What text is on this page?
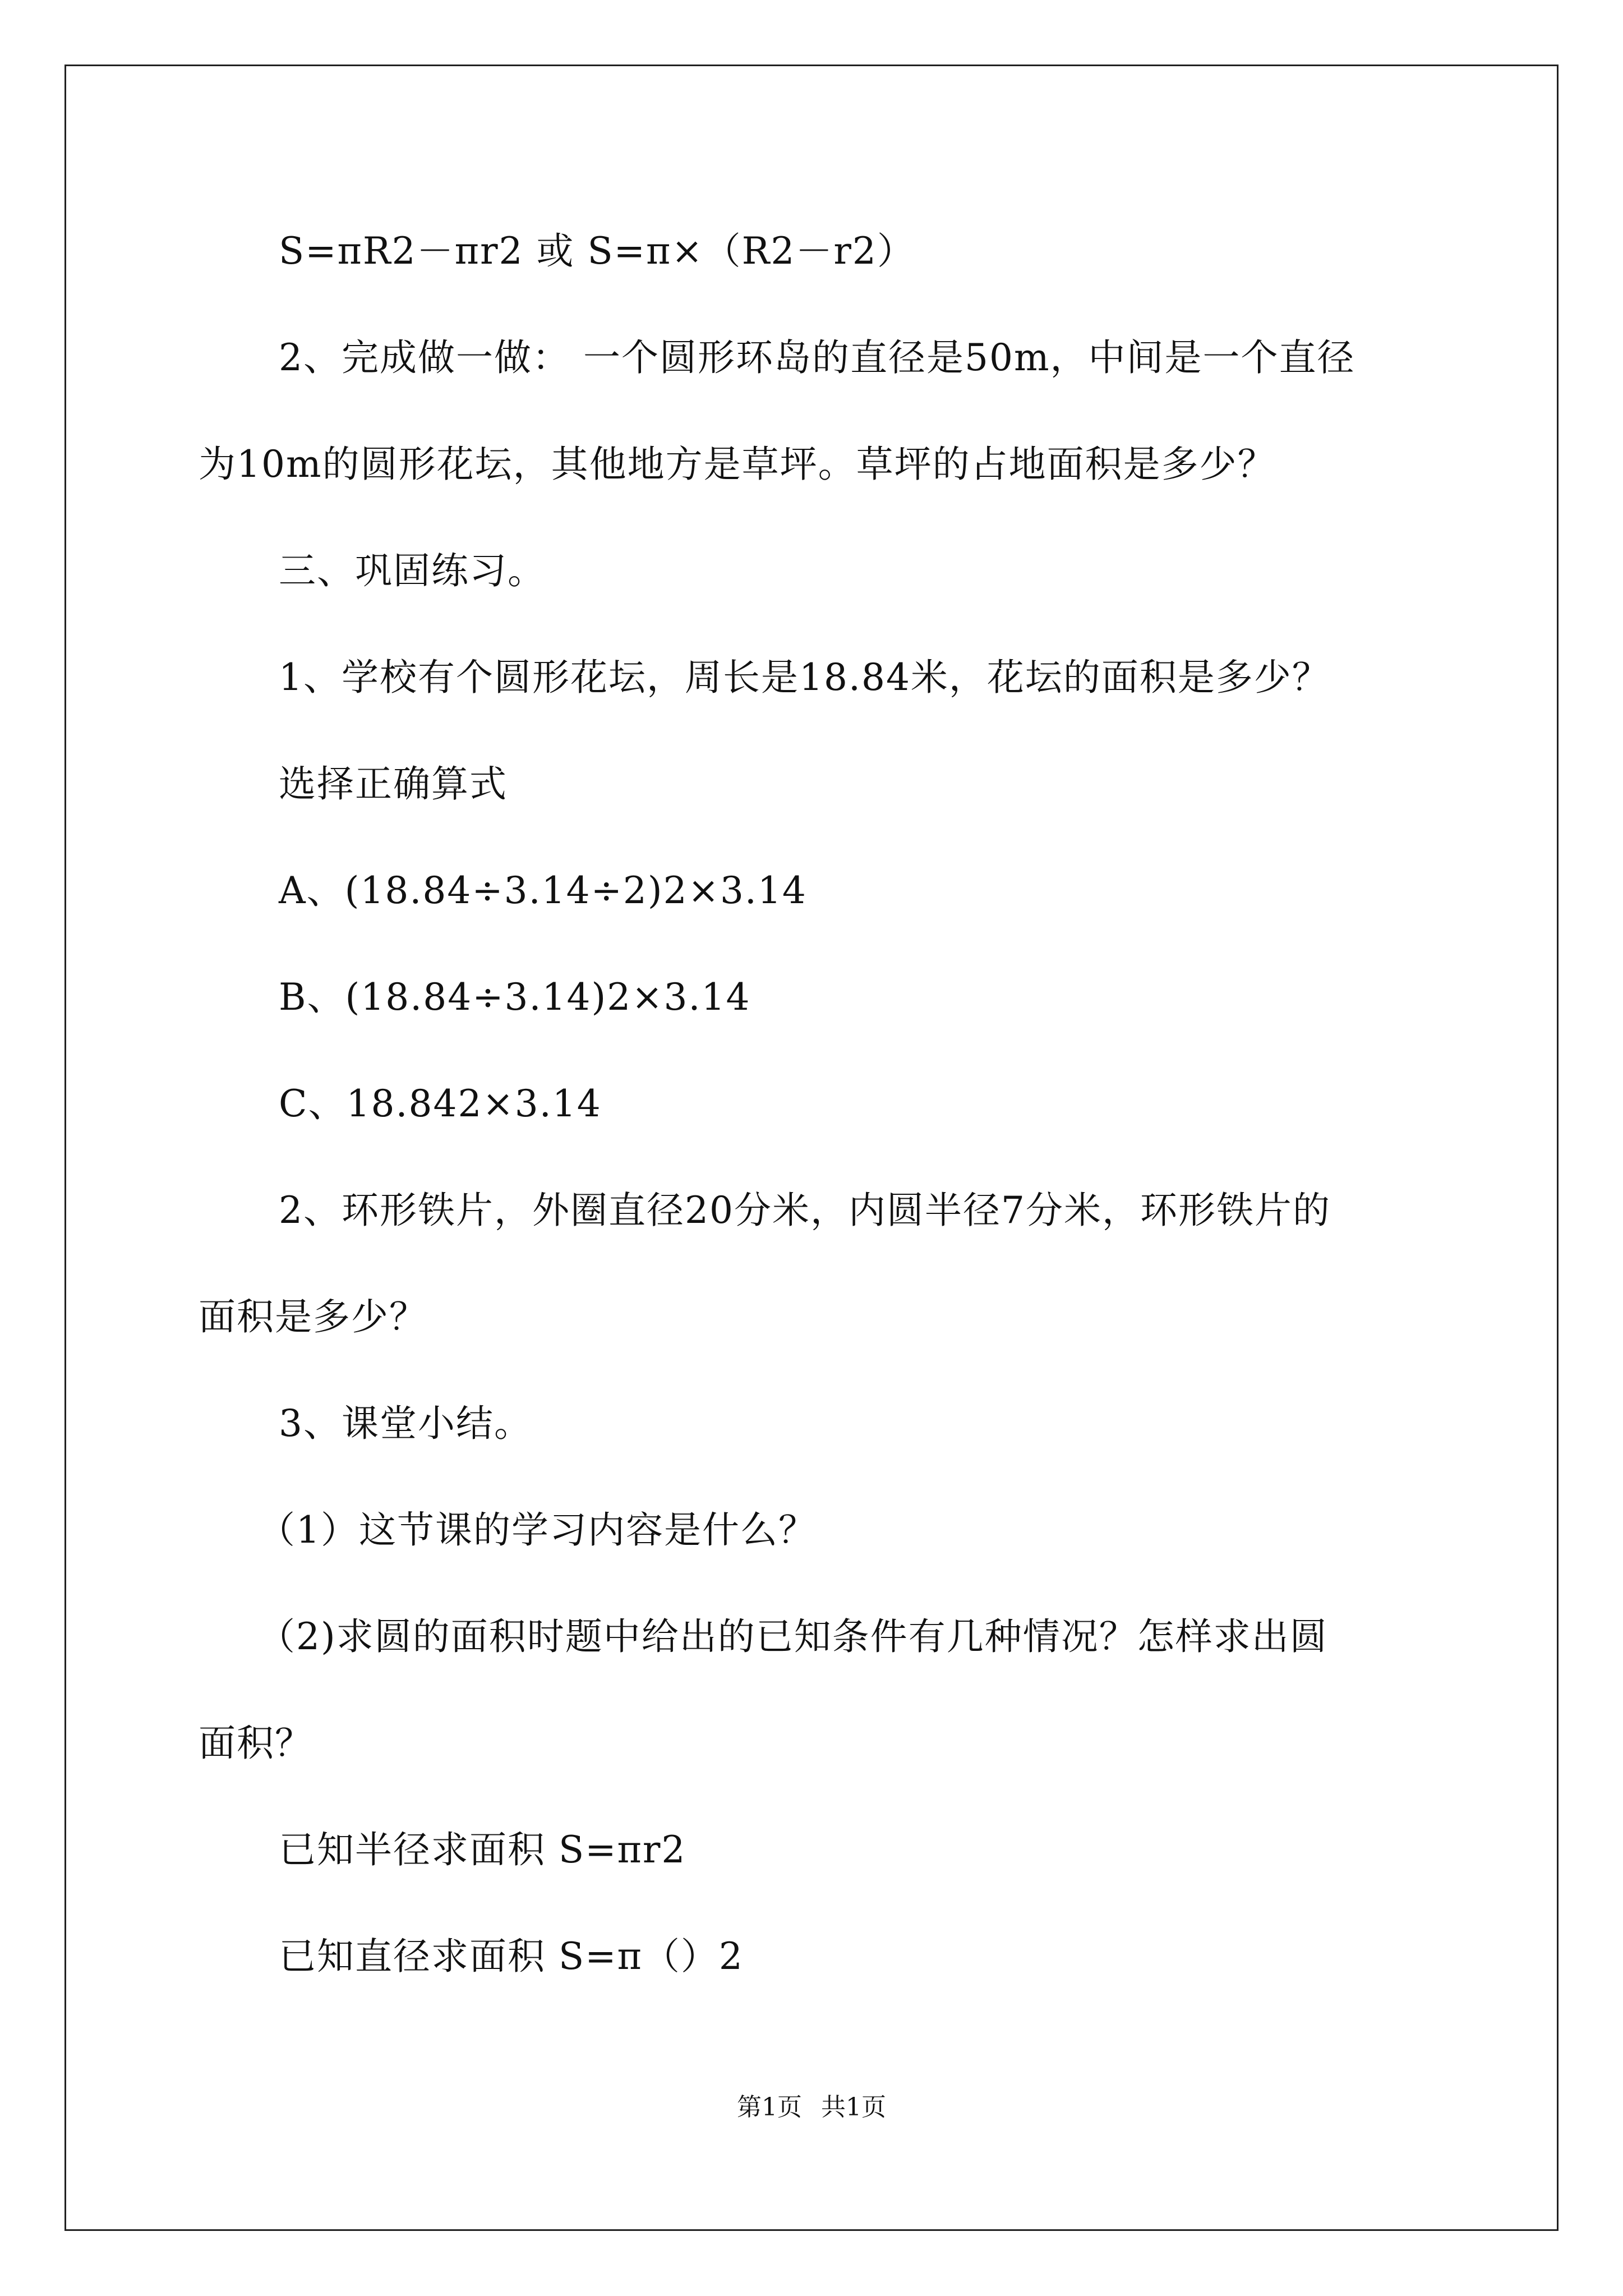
S=πR2－πr2 或 S=π×（R2－r2）
2、完成做一做： 一个圆形环岛的直径是50m，中间是一个直径
为10m的圆形花坛，其他地方是草坪。草坪的占地面积是多少？
三、巩固练习。
1、学校有个圆形花坛，周长是18.84米，花坛的面积是多少？
选择正确算式
A、(18.84÷3.14÷2)2×3.14
B、(18.84÷3.14)2×3.14
C、18.842×3.14
2、环形铁片，外圈直径20分米，内圆半径7分米，环形铁片的
面积是多少？
3、课堂小结。
（1）这节课的学习内容是什么？
（2)求圆的面积时题中给出的已知条件有几种情况？怎样求出圆
面积？
已知半径求面积 S=πr2
已知直径求面积 S=π（）2
第1页 共1页
